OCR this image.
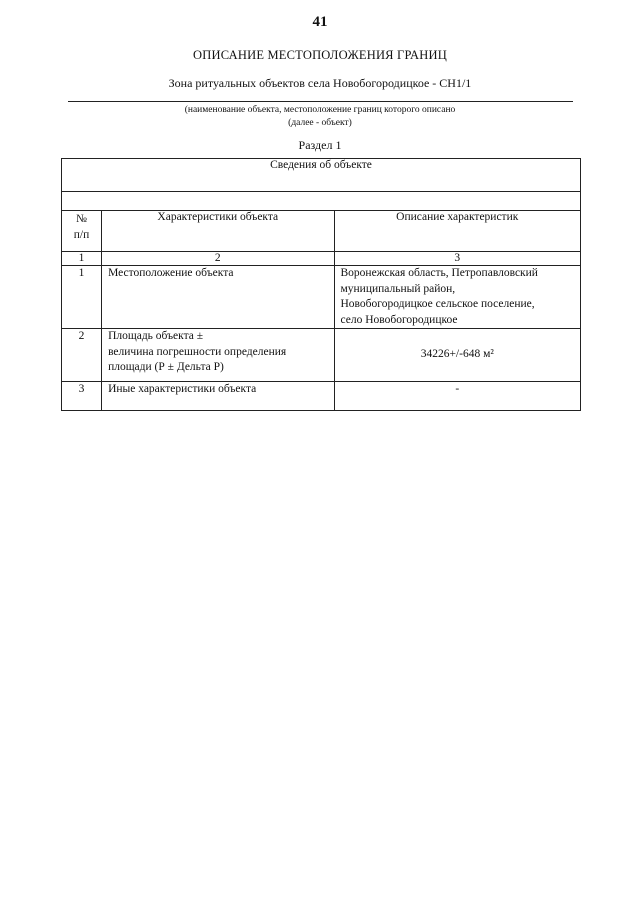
41
ОПИСАНИЕ МЕСТОПОЛОЖЕНИЯ ГРАНИЦ
Зона ритуальных объектов села Новобогородицкое - СН1/1
(наименование объекта, местоположение границ которого описано
(далее - объект)
Раздел 1
Сведения об объекте		

№
п/п	Характеристики объекта	Описание характеристик
1	2	3
1	Местоположение объекта	Воронежская область, Петропавловский
муниципальный район,
Новобогородицкое сельское поселение,
село Новобогородицкое

2	Площадь объекта ±
величина погрешности определения
площади (Р ± Дельта Р)	34226+/-648 м²
3	Иные характеристики объекта	-
